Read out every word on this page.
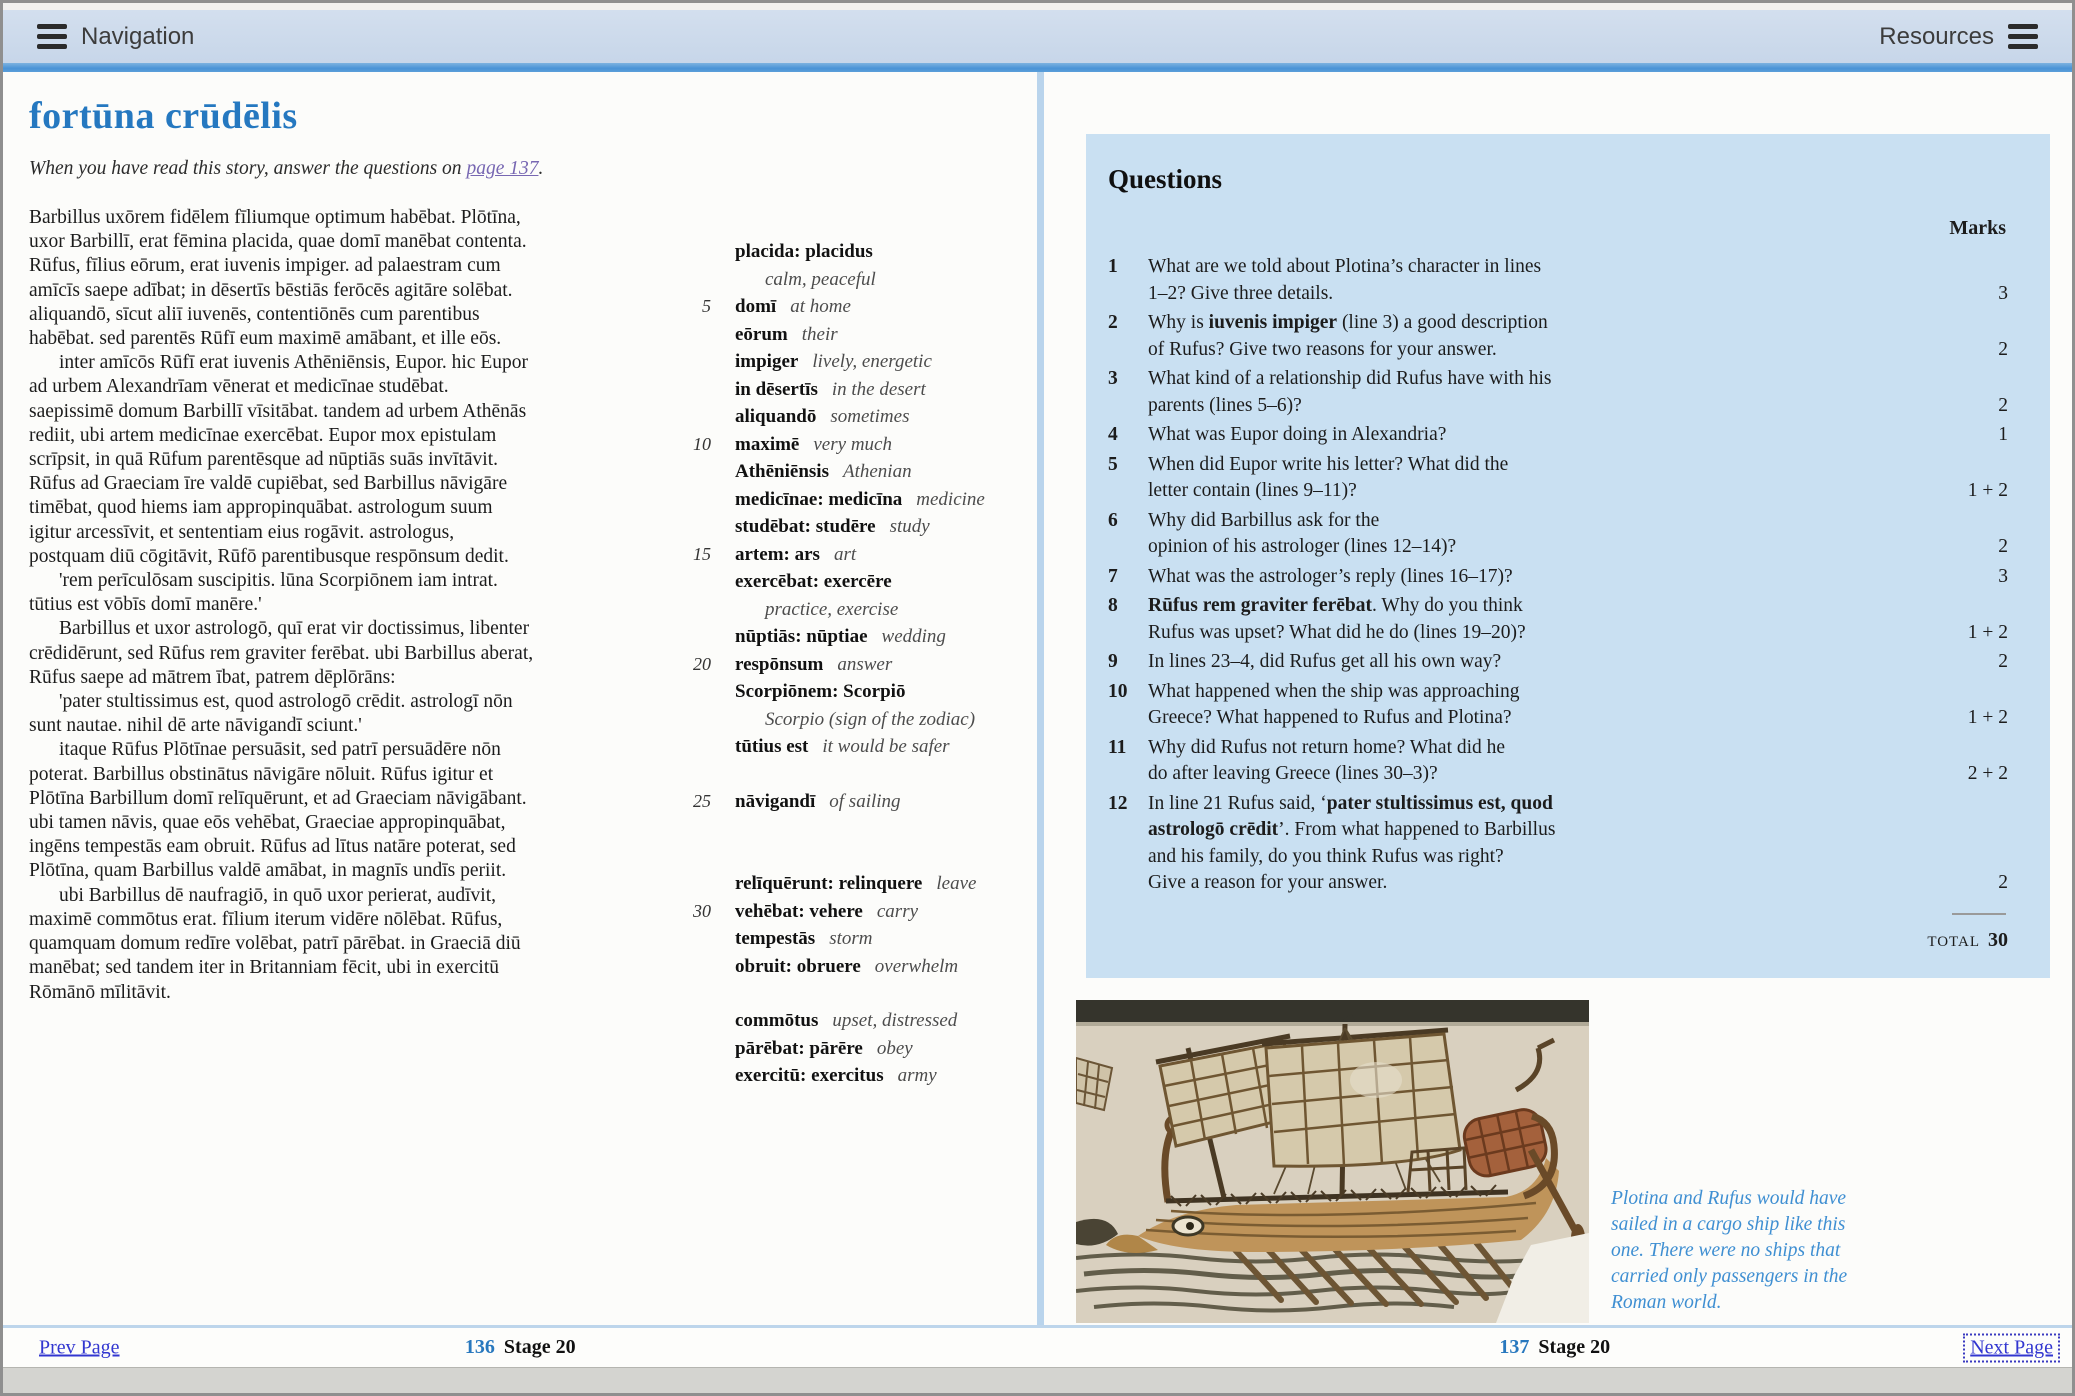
Navigation	Resources
fortūna crūdēlis

When you have read this story, answer the questions on page 137.

Barbillus uxōrem fidēlem fīliumque optimum habēbat. Plōtīna,
uxor Barbillī, erat fēmina placida, quae domī manēbat contenta.
Rūfus, fīlius eōrum, erat iuvenis impiger. ad palaestram cum
amīcīs saepe adībat; in dēsertīs bēstiās ferōcēs agitāre solēbat.
aliquandō, sīcut aliī iuvenēs, contentiōnēs cum parentibus
habēbat. sed parentēs Rūfī eum maximē amābant, et ille eōs.
inter amīcōs Rūfī erat iuvenis Athēniēnsis, Eupor. hic Eupor
ad urbem Alexandrīam vēnerat et medicīnae studēbat.
saepissimē domum Barbillī vīsitābat. tandem ad urbem Athēnās
rediit, ubi artem medicīnae exercēbat. Eupor mox epistulam
scrīpsit, in quā Rūfum parentēsque ad nūptiās suās invītāvit.
Rūfus ad Graeciam īre valdē cupiēbat, sed Barbillus nāvigāre
timēbat, quod hiems iam appropinquābat. astrologum suum
igitur arcessīvit, et sententiam eius rogāvit. astrologus,
postquam diū cōgitāvit, Rūfō parentibusque respōnsum dedit.
'rem perīculōsam suscipitis. lūna Scorpiōnem iam intrat.
tūtius est vōbīs domī manēre.'
Barbillus et uxor astrologō, quī erat vir doctissimus, libenter
crēdidērunt, sed Rūfus rem graviter ferēbat. ubi Barbillus aberat,
Rūfus saepe ad mātrem ībat, patrem dēplōrāns:
'pater stultissimus est, quod astrologō crēdit. astrologī nōn
sunt nautae. nihil dē arte nāvigandī sciunt.'
itaque Rūfus Plōtīnae persuāsit, sed patrī persuādēre nōn
poterat. Barbillus obstinātus nāvigāre nōluit. Rūfus igitur et
Plōtīna Barbillum domī relīquērunt, et ad Graeciam nāvigābant.
ubi tamen nāvis, quae eōs vehēbat, Graeciae appropinquābat,
ingēns tempestās eam obruit. Rūfus ad lītus natāre poterat, sed
Plōtīna, quam Barbillus valdē amābat, in magnīs undīs periit.
ubi Barbillus dē naufragiō, in quō uxor perierat, audīvit,
maximē commōtus erat. fīlium iterum vidēre nōlēbat. Rūfus,
quamquam domum redīre volēbat, patrī pārēbat. in Graeciā diū
manēbat; sed tandem iter in Britanniam fēcit, ubi in exercitū
Rōmānō mīlitāvit.
placida: placidus
calm, peaceful
5 domī at home
eōrum their
impiger lively, energetic
in dēsertīs in the desert
aliquandō sometimes
10 maximē very much
Athēniēnsis Athenian
medicīnae: medicīna medicine
studēbat: studēre study
15 artem: ars art
exercēbat: exercēre
practice, exercise
nūptiās: nūptiae wedding
20 respōnsum answer
Scorpiōnem: Scorpiō
Scorpio (sign of the zodiac)
tūtius est it would be safer
25 nāvigandī of sailing
relīquērunt: relinquere leave
30 vehēbat: vehere carry
tempestās storm
obruit: obruere overwhelm
commōtus upset, distressed
pārēbat: pārēre obey
exercitū: exercitus army
Questions
Marks
1	What are we told about Plotina’s character in lines
1–2? Give three details.	3
2	Why is iuvenis impiger (line 3) a good description
of Rufus? Give two reasons for your answer.	2
3	What kind of a relationship did Rufus have with his
parents (lines 5–6)?	2
4	What was Eupor doing in Alexandria?	1
5	When did Eupor write his letter? What did the
letter contain (lines 9–11)?	1 + 2
6	Why did Barbillus ask for the
opinion of his astrologer (lines 12–14)?	2
7	What was the astrologer’s reply (lines 16–17)?	3
8	Rūfus rem graviter ferēbat. Why do you think
Rufus was upset? What did he do (lines 19–20)?	1 + 2
9	In lines 23–4, did Rufus get all his own way?	2
10	What happened when the ship was approaching
Greece? What happened to Rufus and Plotina?	1 + 2
11	Why did Rufus not return home? What did he
do after leaving Greece (lines 30–3)?	2 + 2
12	In line 21 Rufus said, ‘pater stultissimus est, quod
astrologō crēdit’. From what happened to Barbillus
and his family, do you think Rufus was right?
Give a reason for your answer.	2
TOTAL 30

Plotina and Rufus would have sailed in a cargo ship like this one. There were no ships that carried only passengers in the Roman world.

Prev Page	136 Stage 20	137 Stage 20	Next Page
